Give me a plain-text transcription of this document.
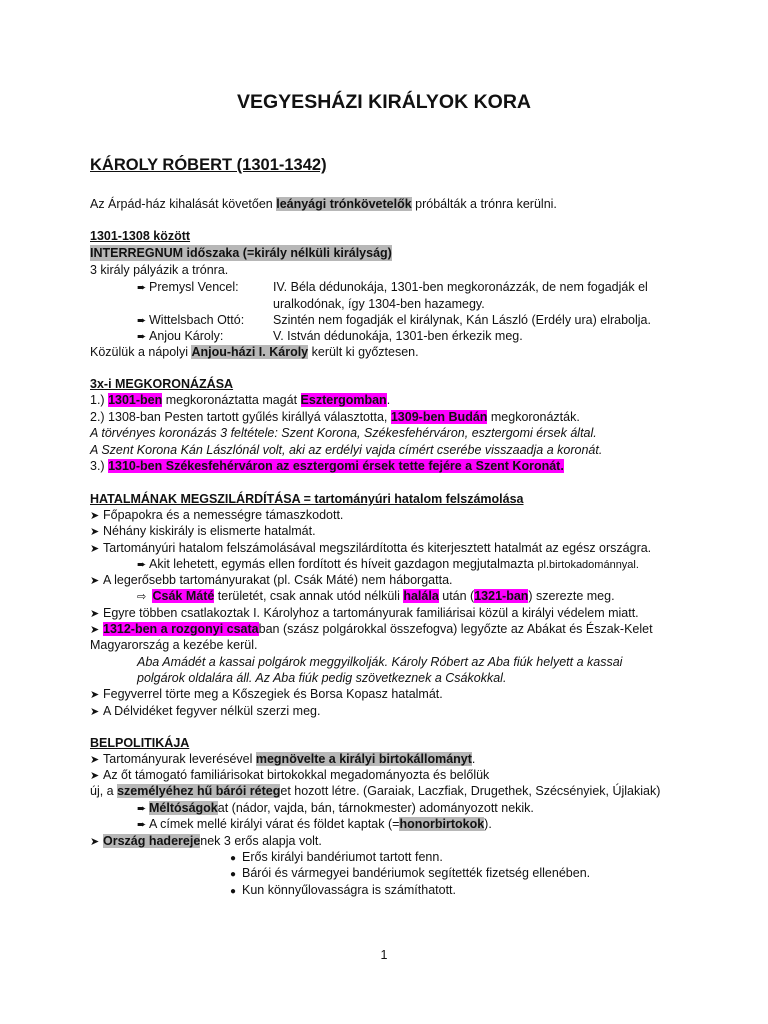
VEGYESHÁZI KIRÁLYOK KORA
KÁROLY RÓBERT (1301-1342)
Az Árpád-ház kihalását követően leányági trónkövetelők próbálták a trónra kerülni.
1301-1308 között
INTERREGNUM időszaka (=király nélküli királyság)
3 király pályázik a trónra.
➨ Premysl Vencel:	IV. Béla dédunokája, 1301-ben megkoronázzák, de nem fogadják el
uralkodónak, így 1304-ben hazamegy.
➨ Wittelsbach Ottó: Szintén nem fogadják el királynak, Kán László (Erdély ura) elrabolja.
➨ Anjou Károly:	V. István dédunokája, 1301-ben érkezik meg.
Közülük a nápolyi Anjou-házi I. Károly került ki győztesen.
3x-i MEGKORONÁZÁSA
1.) 1301-ben megkoronáztatta magát Esztergomban.
2.) 1308-ban Pesten tartott gyűlés királlyá választotta, 1309-ben Budán megkoronázták.
A törvényes koronázás 3 feltétele: Szent Korona, Székesfehérváron, esztergomi érsek által.
A Szent Korona Kán Lászlónál volt, aki az erdélyi vajda címért cserébe visszaadja a koronát.
3.) 1310-ben Székesfehérváron az esztergomi érsek tette fejére a Szent Koronát.
HATALMÁNAK MEGSZILÁRDÍTÁSA = tartományúri hatalom felszámolása
➤ Főpapokra és a nemességre támaszkodott.
➤ Néhány kiskirály is elismerte hatalmát.
➤ Tartományúri hatalom felszámolásával megszilárdította és kiterjesztett hatalmát az egész országra.
➨ Akit lehetett, egymás ellen fordított és híveit gazdagon megjutalmazta pl.birtokadománnyal.
➤ A legerősebb tartományurakat (pl. Csák Máté) nem háborgatta.
⇨ Csák Máté területét, csak annak utód nélküli halála után (1321-ban) szerezte meg.
➤ Egyre többen csatlakoztak I. Károlyhoz a tartományurak familiárisai közül a királyi védelem miatt.
➤ 1312-ben a rozgonyi csataban (szász polgárokkal összefogva) legyőzte az Abákat és Észak-Kelet
Magyarország a kezébe kerül.
Aba Amádét a kassai polgárok meggyilkolják. Károly Róbert az Aba fiúk helyett a kassai
polgárok oldalára áll. Az Aba fiúk pedig szövetkeznek a Csákokkal.
➤ Fegyverrel törte meg a Kőszegiek és Borsa Kopasz hatalmát.
➤ A Délvidéket fegyver nélkül szerzi meg.
BELPOLITIKÁJA
➤ Tartományurak leverésével megnövelte a királyi birtokállományt.
➤ Az őt támogató familiárisokat birtokokkal megadományozta és belőlük
új, a személyéhez hű bárói réteget hozott létre. (Garaiak, Laczfiak, Drugethek, Szécsényiek, Újlakiak)
➨ Méltóságokat (nádor, vajda, bán, tárnokmester) adományozott nekik.
➨ A címek mellé királyi várat és földet kaptak (=honorbirtokok).
➤ Ország haderejenek 3 erős alapja volt.
● Erős királyi bandériumot tartott fenn.
● Bárói és vármegyei bandériumok segítették fizetség ellenében.
● Kun könnyűlovasságra is számíthatott.
1
